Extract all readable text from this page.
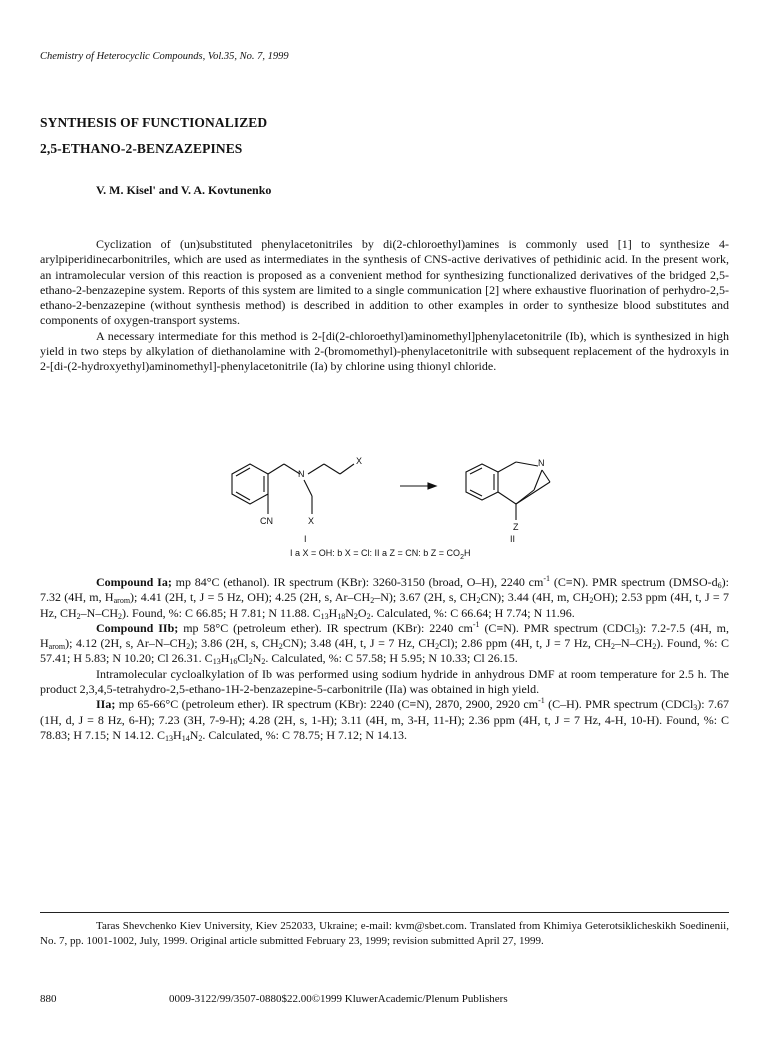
Chemistry of Heterocyclic Compounds, Vol.35, No. 7, 1999
SYNTHESIS OF FUNCTIONALIZED
2,5-ETHANO-2-BENZAZEPINES
V. M. Kisel' and V. A. Kovtunenko

Cyclization of (un)substituted phenylacetonitriles by di(2-chloroethyl)amines is commonly used [1] to synthesize 4-arylpiperidinecarbonitriles, which are used as intermediates in the synthesis of CNS-active derivatives of pethidinic acid. In the present work, an intramolecular version of this reaction is proposed as a convenient method for synthesizing functionalized derivatives of the bridged 2,5-ethano-2-benzazepine system. Reports of this system are limited to a single communication [2] where exhaustive fluorination of perhydro-2,5-ethano-2-benzazepine (without synthesis method) is described in addition to other examples in order to synthesize blood substitutes and components of oxygen-transport systems.

A necessary intermediate for this method is 2-[di(2-chloroethyl)aminomethyl]phenylacetonitrile (Ib), which is synthesized in high yield in two steps by alkylation of diethanolamine with 2-(bromomethyl)-phenylacetonitrile with subsequent replacement of the hydroxyls in 2-[di-(2-hydroxyethyl)aminomethyl]-phenylacetonitrile (Ia) by chlorine using thionyl chloride.

N
X
CN	X
N
Z
I	II
I a X = OH: b X = Cl: II a Z = CN: b $Z = CO_2H$

Compound Ia; mp 84°C (ethanol). IR spectrum (KBr): 3260-3150 (broad, O–H), 2240 $cm^{-1}$ (C≡N). PMR spectrum $(DMSO-d_6)$: 7.32 (4H, m, $H_{arom}$); 4.41 (2H, t, J = 5 Hz, OH); 4.25 (2H, s, $Ar-CH_2-N$); 3.67 (2H, s, $CH_2CN$); 3.44 (4H, m, $CH_2OH$); 2.53 ppm (4H, t, J = 7 Hz, $CH_2-N-CH_2$). Found, %: C 66.85; H 7.81; N 11.88. $C_{13}H_{18}N_2O_2$. Calculated, %: C 66.64; H 7.74; N 11.96.

Compound IIb; mp 58°C (petroleum ether). IR spectrum (KBr): 2240 $cm^{-1}$ (C≡N). PMR spectrum (CDCl$_3$): 7.2-7.5 (4H, m, $H_{arom}$); 4.12 (2H, s, $Ar-N-CH_2$); 3.86 (2H, s, $CH_2CN$); 3.48 (4H, t, J = 7 Hz, $CH_2Cl$); 2.86 ppm (4H, t, J = 7 Hz, $CH_2-N-CH_2$). Found, %: C 57.41; H 5.83; N 10.20; Cl 26.31. $C_{13}H_{16}Cl_2N_2$. Calculated, %: C 57.58; H 5.95; N 10.33; Cl 26.15.

Intramolecular cycloalkylation of Ib was performed using sodium hydride in anhydrous DMF at room temperature for 2.5 h. The product 2,3,4,5-tetrahydro-2,5-ethano-1H-2-benzazepine-5-carbonitrile (IIa) was obtained in high yield.

IIa; mp 65-66°C (petroleum ether). IR spectrum (KBr): 2240 (C≡N), 2870, 2900, 2920 $cm^{-1}$ (C–H). PMR spectrum (CDCl$_3$): 7.67 (1H, d, J = 8 Hz, 6-H); 7.23 (3H, 7-9-H); 4.28 (2H, s, 1-H); 3.11 (4H, m, 3-H, 11-H); 2.36 ppm (4H, t, J = 7 Hz, 4-H, 10-H). Found, %: C 78.83; H 7.15; N 14.12. $C_{13}H_{14}N_2$. Calculated, %: C 78.75; H 7.12; N 14.13.

Taras Shevchenko Kiev University, Kiev 252033, Ukraine; e-mail: kvm@sbet.com. Translated from Khimiya Geterotsiklicheskikh Soedinenii, No. 7, pp. 1001-1002, July, 1999. Original article submitted February 23, 1999; revision submitted April 27, 1999.
880	0009-3122/99/3507-0880$22.00©1999 KluwerAcademic/Plenum Publishers
